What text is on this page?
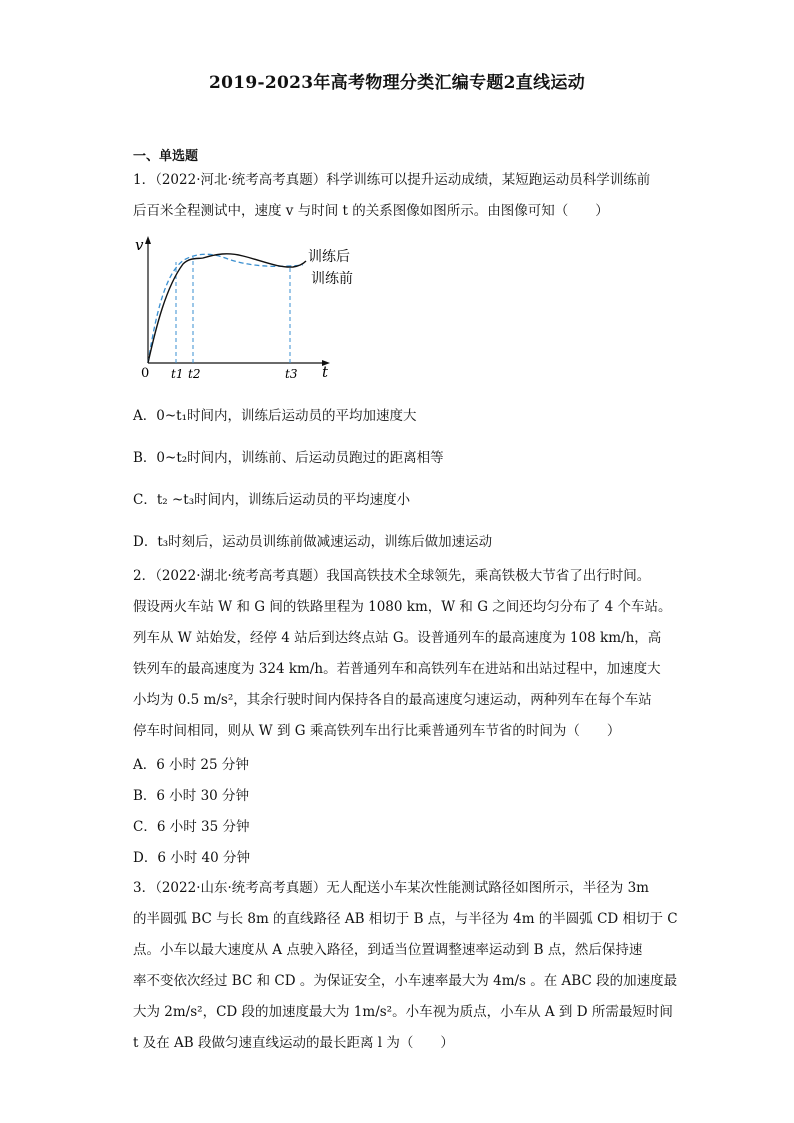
2019-2023年高考物理分类汇编专题2直线运动
一、单选题
1．（2022·河北·统考高考真题）科学训练可以提升运动成绩，某短跑运动员科学训练前
后百米全程测试中，速度 v 与时间 t 的关系图像如图所示。由图像可知（　　）
v
t
0 t1 t2	t3
训练后
训练前
A．0~t₁时间内，训练后运动员的平均加速度大
B．0~t₂时间内，训练前、后运动员跑过的距离相等
C．t₂ ~t₃时间内，训练后运动员的平均速度小
D．t₃时刻后，运动员训练前做减速运动，训练后做加速运动
2．（2022·湖北·统考高考真题）我国高铁技术全球领先，乘高铁极大节省了出行时间。
假设两火车站 W 和 G 间的铁路里程为 1080 km，W 和 G 之间还均匀分布了 4 个车站。
列车从 W 站始发，经停 4 站后到达终点站 G。设普通列车的最高速度为 108 km/h，高
铁列车的最高速度为 324 km/h。若普通列车和高铁列车在进站和出站过程中，加速度大
小均为 0.5 m/s²，其余行驶时间内保持各自的最高速度匀速运动，两种列车在每个车站
停车时间相同，则从 W 到 G 乘高铁列车出行比乘普通列车节省的时间为（　　）
A．6 小时 25 分钟
B．6 小时 30 分钟
C．6 小时 35 分钟
D．6 小时 40 分钟
3．（2022·山东·统考高考真题）无人配送小车某次性能测试路径如图所示，半径为 3m
的半圆弧 BC 与长 8m 的直线路径 AB 相切于 B 点，与半径为 4m 的半圆弧 CD 相切于 C
点。小车以最大速度从 A 点驶入路径，到适当位置调整速率运动到 B 点，然后保持速
率不变依次经过 BC 和 CD 。为保证安全，小车速率最大为 4m/s 。在 ABC 段的加速度最
大为 2m/s²，CD 段的加速度最大为 1m/s²。小车视为质点，小车从 A 到 D 所需最短时间
t 及在 AB 段做匀速直线运动的最长距离 l 为（　　）
